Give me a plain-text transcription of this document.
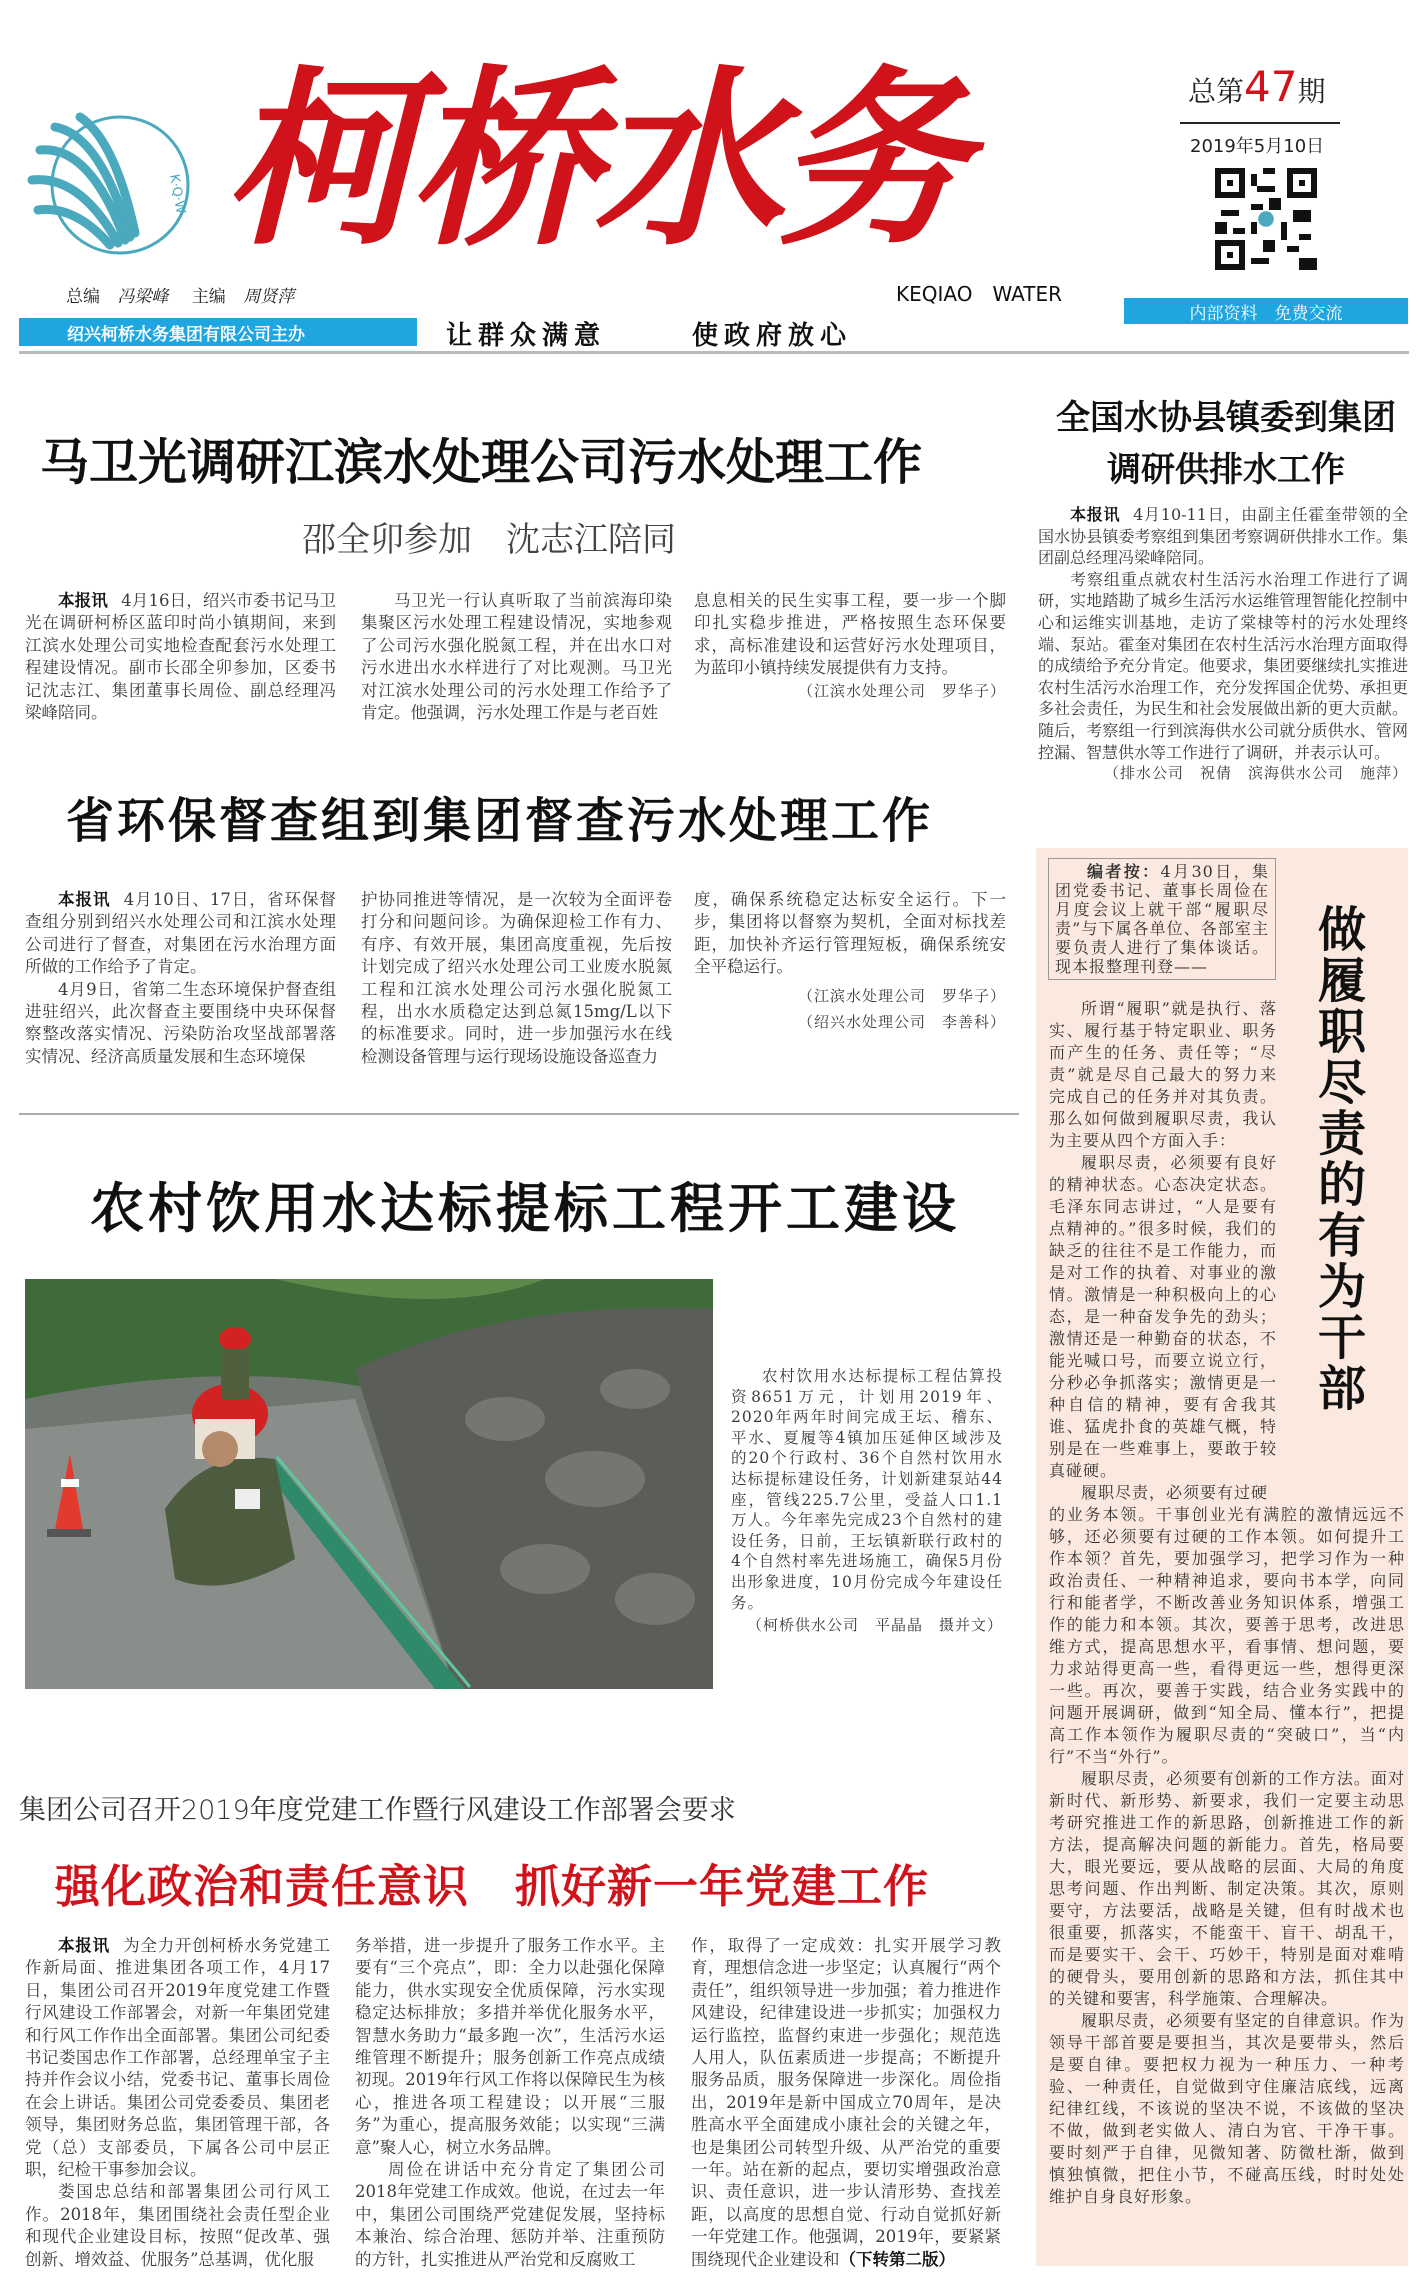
K·Q·W 柯桥水务	总第47期
2019年5月10日
总编 冯梁峰 主编 周贤萍	KEQIAO　WATER
内部资料　免费交流
绍兴柯桥水务集团有限公司主办	让群众满意	使政府放心
马卫光调研江滨水处理公司污水处理工作
邵全卯参加　沈志江陪同

本报讯 4月16日，绍兴市委书记马卫光在调研柯桥区蓝印时尚小镇期间，来到江滨水处理公司实地检查配套污水处理工程建设情况。副市长邵全卯参加，区委书记沈志江、集团董事长周俭、副总经理冯梁峰陪同。

马卫光一行认真听取了当前滨海印染集聚区污水处理工程建设情况，实地参观了公司污水强化脱氮工程，并在出水口对污水进出水水样进行了对比观测。马卫光对江滨水处理公司的污水处理工作给予了肯定。他强调，污水处理工作是与老百姓

息息相关的民生实事工程，要一步一个脚印扎实稳步推进，严格按照生态环保要求，高标准建设和运营好污水处理项目，为蓝印小镇持续发展提供有力支持。

（江滨水处理公司　罗华子）

全国水协县镇委到集团
调研供排水工作

本报讯 4月10-11日，由副主任霍奎带领的全国水协县镇委考察组到集团考察调研供排水工作。集团副总经理冯梁峰陪同。

考察组重点就农村生活污水治理工作进行了调研，实地踏勘了城乡生活污水运维管理智能化控制中心和运维实训基地，走访了棠棣等村的污水处理终端、泵站。霍奎对集团在农村生活污水治理方面取得的成绩给予充分肯定。他要求，集团要继续扎实推进农村生活污水治理工作，充分发挥国企优势、承担更多社会责任，为民生和社会发展做出新的更大贡献。随后，考察组一行到滨海供水公司就分质供水、管网控漏、智慧供水等工作进行了调研，并表示认可。

（排水公司　祝倩　滨海供水公司　施萍）

省环保督查组到集团督查污水处理工作

本报讯 4月10日、17日，省环保督查组分别到绍兴水处理公司和江滨水处理公司进行了督查，对集团在污水治理方面所做的工作给予了肯定。

4月9日，省第二生态环境保护督查组进驻绍兴，此次督查主要围绕中央环保督察整改落实情况、污染防治攻坚战部署落实情况、经济高质量发展和生态环境保

护协同推进等情况，是一次较为全面评卷打分和问题问诊。为确保迎检工作有力、有序、有效开展，集团高度重视，先后按计划完成了绍兴水处理公司工业废水脱氮工程和江滨水处理公司污水强化脱氮工程，出水水质稳定达到总氮15mg/L以下的标准要求。同时，进一步加强污水在线检测设备管理与运行现场设施设备巡查力

度，确保系统稳定达标安全运行。下一步，集团将以督察为契机，全面对标找差距，加快补齐运行管理短板，确保系统安全平稳运行。

（江滨水处理公司　罗华子）

（绍兴水处理公司　李善科）

农村饮用水达标提标工程开工建设

农村饮用水达标提标工程估算投资8651万元，计划用2019年、2020年两年时间完成王坛、稽东、平水、夏履等4镇加压延伸区域涉及的20个行政村、36个自然村饮用水达标提标建设任务，计划新建泵站44座，管线225.7公里，受益人口1.1万人。今年率先完成23个自然村的建设任务，日前，王坛镇新联行政村的4个自然村率先进场施工，确保5月份出形象进度，10月份完成今年建设任务。

（柯桥供水公司　平晶晶　摄并文）

做履职尽责的有为干部

编者按：4月30日，集团党委书记、董事长周俭在月度会议上就干部“履职尽责”与下属各单位、各部室主要负责人进行了集体谈话。现本报整理刊登——

所谓“履职”就是执行、落实、履行基于特定职业、职务而产生的任务、责任等；“尽责”就是尽自己最大的努力来完成自己的任务并对其负责。那么如何做到履职尽责，我认为主要从四个方面入手：

履职尽责，必须要有良好的精神状态。心态决定状态。毛泽东同志讲过，“人是要有点精神的。”很多时候，我们的缺乏的往往不是工作能力，而是对工作的执着、对事业的激情。激情是一种积极向上的心态，是一种奋发争先的劲头；激情还是一种勤奋的状态，不能光喊口号，而要立说立行，分秒必争抓落实；激情更是一种自信的精神，要有舍我其谁、猛虎扑食的英雄气概，特别是在一些难事上，要敢于较真碰硬。

履职尽责，必须要有过硬

的业务本领。干事创业光有满腔的激情远远不够，还必须要有过硬的工作本领。如何提升工作本领？首先，要加强学习，把学习作为一种政治责任、一种精神追求，要向书本学，向同行和能者学，不断改善业务知识体系，增强工作的能力和本领。其次，要善于思考，改进思维方式，提高思想水平，看事情、想问题，要力求站得更高一些，看得更远一些，想得更深一些。再次，要善于实践，结合业务实践中的问题开展调研，做到“知全局、懂本行”，把提高工作本领作为履职尽责的“突破口”，当“内行”不当“外行”。

履职尽责，必须要有创新的工作方法。面对新时代、新形势、新要求，我们一定要主动思考研究推进工作的新思路，创新推进工作的新方法，提高解决问题的新能力。首先，格局要大，眼光要远，要从战略的层面、大局的角度思考问题、作出判断、制定决策。其次，原则要守，方法要活，战略是关键，但有时战术也很重要，抓落实，不能蛮干、盲干、胡乱干，而是要实干、会干、巧妙干，特别是面对难啃的硬骨头，要用创新的思路和方法，抓住其中的关键和要害，科学施策、合理解决。

履职尽责，必须要有坚定的自律意识。作为领导干部首要是要担当，其次是要带头，然后是要自律。要把权力视为一种压力、一种考验、一种责任，自觉做到守住廉洁底线，远离纪律红线，不该说的坚决不说，不该做的坚决不做，做到老实做人、清白为官、干净干事。要时刻严于自律，见微知著、防微杜渐，做到慎独慎微，把住小节，不碰高压线，时时处处维护自身良好形象。

集团公司召开2019年度党建工作暨行风建设工作部署会要求
强化政治和责任意识　抓好新一年党建工作

本报讯 为全力开创柯桥水务党建工作新局面、推进集团各项工作，4月17日，集团公司召开2019年度党建工作暨行风建设工作部署会，对新一年集团党建和行风工作作出全面部署。集团公司纪委书记娄国忠作工作部署，总经理单宝子主持并作会议小结，党委书记、董事长周俭在会上讲话。集团公司党委委员、集团老领导，集团财务总监，集团管理干部，各党（总）支部委员，下属各公司中层正职，纪检干事参加会议。

娄国忠总结和部署集团公司行风工作。2018年，集团围绕社会责任型企业和现代企业建设目标，按照“促改革、强创新、增效益、优服务”总基调，优化服

务举措，进一步提升了服务工作水平。主要有“三个亮点”，即：全力以赴强化保障能力，供水实现安全优质保障，污水实现稳定达标排放；多措并举优化服务水平，智慧水务助力“最多跑一次”，生活污水运维管理不断提升；服务创新工作亮点成绩初现。2019年行风工作将以保障民生为核心，推进各项工程建设；以开展“三服务”为重心，提高服务效能；以实现“三满意”聚人心，树立水务品牌。

周俭在讲话中充分肯定了集团公司2018年党建工作成效。他说，在过去一年中，集团公司围绕严党建促发展，坚持标本兼治、综合治理、惩防并举、注重预防的方针，扎实推进从严治党和反腐败工

作，取得了一定成效：扎实开展学习教育，理想信念进一步坚定；认真履行“两个责任”，组织领导进一步加强；着力推进作风建设，纪律建设进一步抓实；加强权力运行监控，监督约束进一步强化；规范选人用人，队伍素质进一步提高；不断提升服务品质，服务保障进一步深化。周俭指出，2019年是新中国成立70周年，是决胜高水平全面建成小康社会的关键之年，也是集团公司转型升级、从严治党的重要一年。站在新的起点，要切实增强政治意识、责任意识，进一步认清形势、查找差距，以高度的思想自觉、行动自觉抓好新一年党建工作。他强调，2019年，要紧紧围绕现代企业建设和（下转第二版）
